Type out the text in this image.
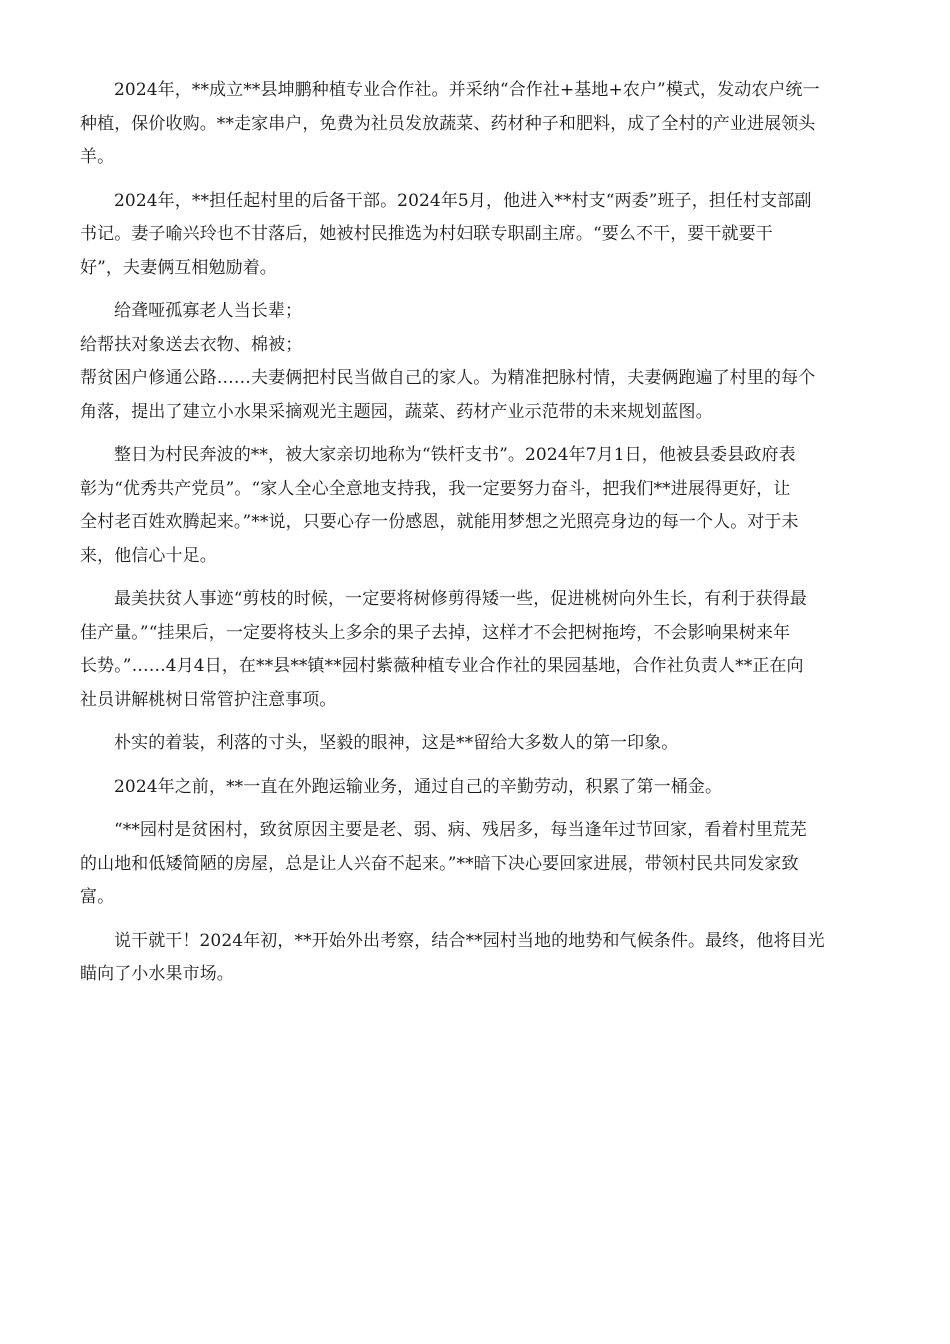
2024年，**成立**县坤鹏种植专业合作社。并采纳“合作社+基地+农户”模式，发动农户统一
种植，保价收购。**走家串户，免费为社员发放蔬菜、药材种子和肥料，成了全村的产业进展领头
羊。
2024年，**担任起村里的后备干部。2024年5月，他进入**村支“两委”班子，担任村支部副
书记。妻子喻兴玲也不甘落后，她被村民推选为村妇联专职副主席。“要么不干，要干就要干
好”，夫妻俩互相勉励着。
给聋哑孤寡老人当长辈；
给帮扶对象送去衣物、棉被；
帮贫困户修通公路……夫妻俩把村民当做自己的家人。为精准把脉村情，夫妻俩跑遍了村里的每个
角落，提出了建立小水果采摘观光主题园，蔬菜、药材产业示范带的未来规划蓝图。
整日为村民奔波的**，被大家亲切地称为“铁杆支书”。2024年7月1日，他被县委县政府表
彰为“优秀共产党员”。“家人全心全意地支持我，我一定要努力奋斗，把我们**进展得更好，让
全村老百姓欢腾起来。”**说，只要心存一份感恩，就能用梦想之光照亮身边的每一个人。对于未
来，他信心十足。
最美扶贫人事迹“剪枝的时候，一定要将树修剪得矮一些，促进桃树向外生长，有利于获得最
佳产量。”“挂果后，一定要将枝头上多余的果子去掉，这样才不会把树拖垮，不会影响果树来年
长势。”……4月4日，在**县**镇**园村紫薇种植专业合作社的果园基地，合作社负责人**正在向
社员讲解桃树日常管护注意事项。
朴实的着装，利落的寸头，坚毅的眼神，这是**留给大多数人的第一印象。
2024年之前，**一直在外跑运输业务，通过自己的辛勤劳动，积累了第一桶金。
“**园村是贫困村，致贫原因主要是老、弱、病、残居多，每当逢年过节回家，看着村里荒芜
的山地和低矮简陋的房屋，总是让人兴奋不起来。”**暗下决心要回家进展，带领村民共同发家致
富。
说干就干！2024年初，**开始外出考察，结合**园村当地的地势和气候条件。最终，他将目光
瞄向了小水果市场。
